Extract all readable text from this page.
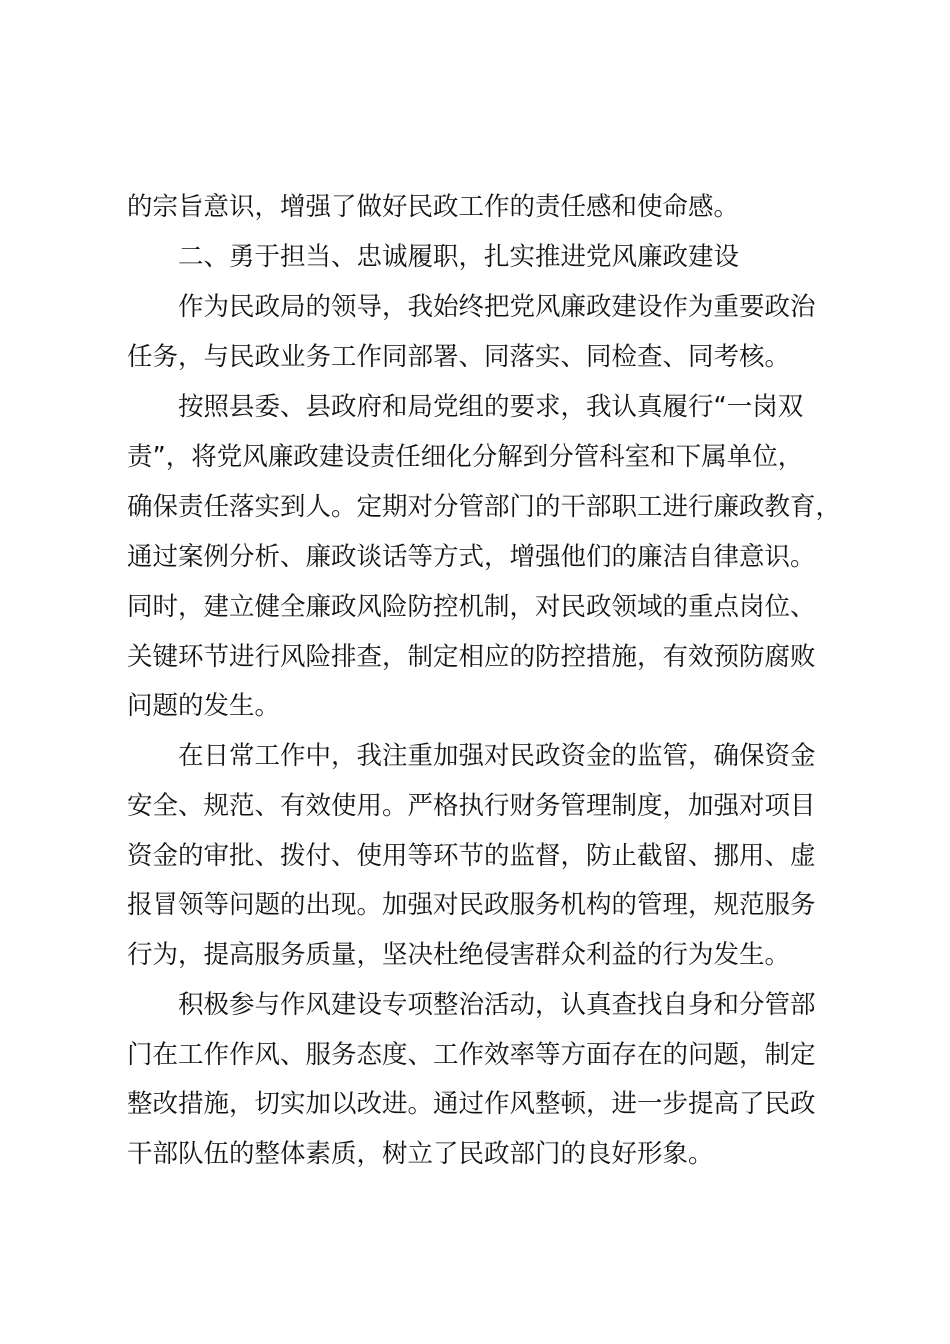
的宗旨意识，增强了做好民政工作的责任感和使命感。
二、勇于担当、忠诚履职，扎实推进党风廉政建设
作为民政局的领导，我始终把党风廉政建设作为重要政治
任务，与民政业务工作同部署、同落实、同检查、同考核。
按照县委、县政府和局党组的要求，我认真履行“一岗双
责”，将党风廉政建设责任细化分解到分管科室和下属单位，
确保责任落实到人。定期对分管部门的干部职工进行廉政教育，
通过案例分析、廉政谈话等方式，增强他们的廉洁自律意识。
同时，建立健全廉政风险防控机制，对民政领域的重点岗位、
关键环节进行风险排查，制定相应的防控措施，有效预防腐败
问题的发生。
在日常工作中，我注重加强对民政资金的监管，确保资金
安全、规范、有效使用。严格执行财务管理制度，加强对项目
资金的审批、拨付、使用等环节的监督，防止截留、挪用、虚
报冒领等问题的出现。加强对民政服务机构的管理，规范服务
行为，提高服务质量，坚决杜绝侵害群众利益的行为发生。
积极参与作风建设专项整治活动，认真查找自身和分管部
门在工作作风、服务态度、工作效率等方面存在的问题，制定
整改措施，切实加以改进。通过作风整顿，进一步提高了民政
干部队伍的整体素质，树立了民政部门的良好形象。
